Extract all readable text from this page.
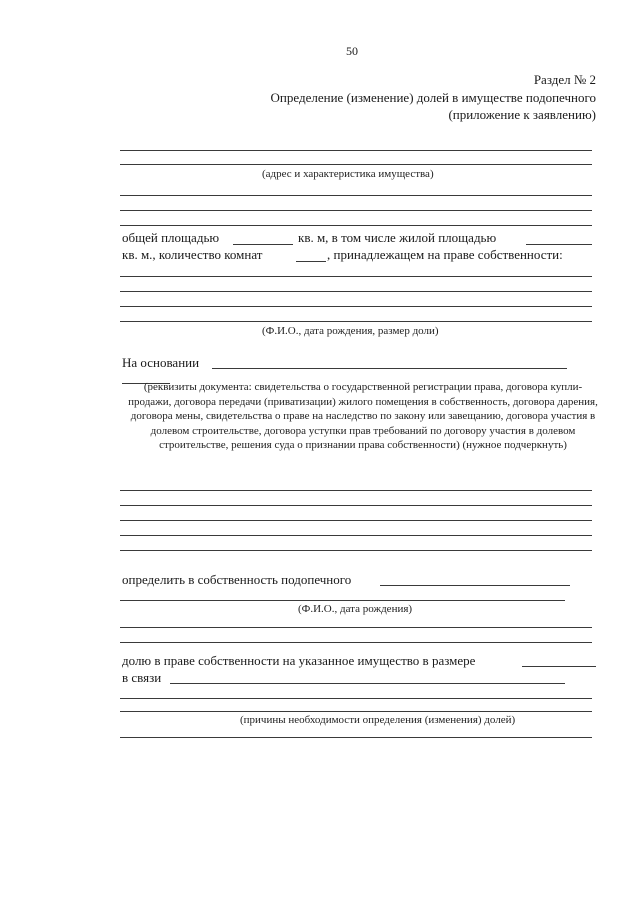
50
Раздел № 2
Определение (изменение) долей в имуществе подопечного
(приложение к заявлению)
(адрес и характеристика имущества)
общей площадью	кв. м, в том числе жилой площадью
кв. м., количество комнат	, принадлежащем на праве собственности:
(Ф.И.О., дата рождения, размер доли)
На основании
(реквизиты документа: свидетельства о государственной регистрации права, договора купли-продажи, договора передачи (приватизации) жилого помещения в собственность, договора дарения, договора мены, свидетельства о праве на наследство по закону или завещанию, договора участия в долевом строительстве, договора уступки прав требований по договору участия в долевом строительстве, решения суда о признании права собственности) (нужное подчеркнуть)
определить в собственность подопечного
(Ф.И.О., дата рождения)
долю в праве собственности на указанное имущество в размере
в связи
(причины необходимости определения (изменения) долей)
